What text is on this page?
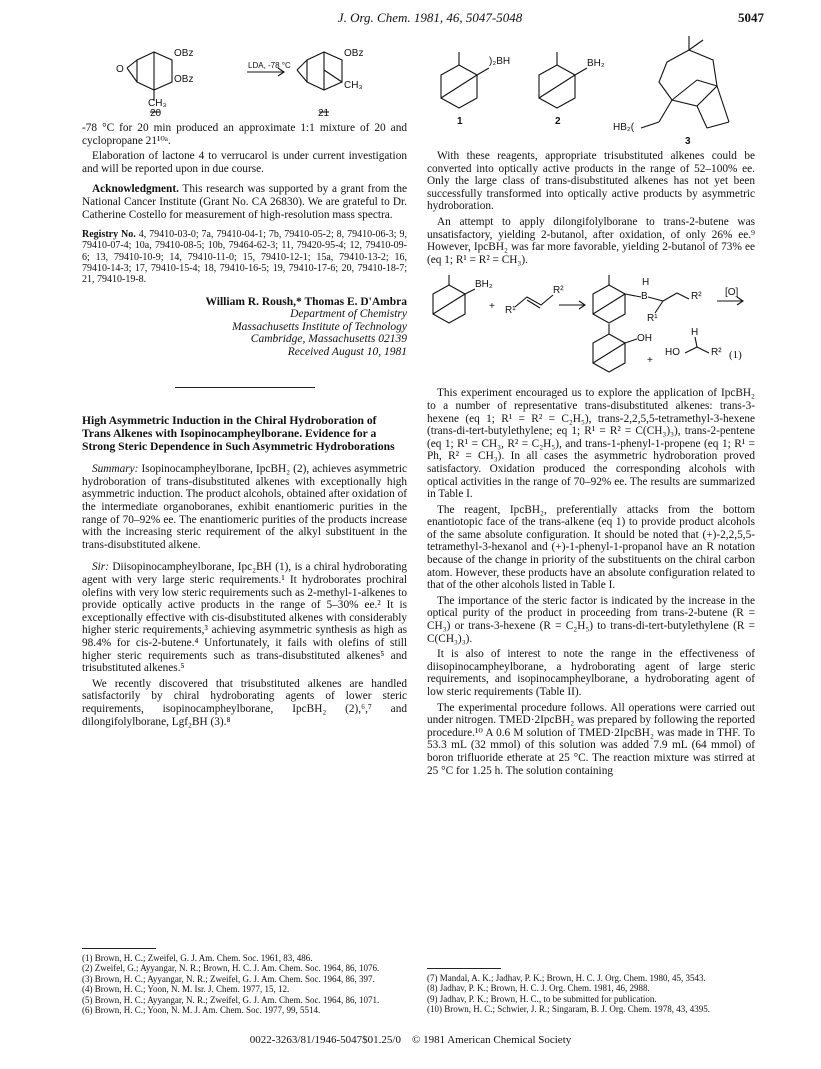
J. Org. Chem. 1981, 46, 5047-5048	5047
OBz
OBz
OBz
CH₃
CH₃
O	LDA, -78 °C
20	21

-78 °C for 20 min produced an approximate 1:1 mixture of 20 and cyclopropane 21¹⁰ᵃ.

Elaboration of lactone 4 to verrucarol is under current investigation and will be reported upon in due course.

Acknowledgment. This research was supported by a grant from the National Cancer Institute (Grant No. CA 26830). We are grateful to Dr. Catherine Costello for measurement of high-resolution mass spectra.

Registry No. 4, 79410-03-0; 7a, 79410-04-1; 7b, 79410-05-2; 8, 79410-06-3; 9, 79410-07-4; 10a, 79410-08-5; 10b, 79464-62-3; 11, 79420-95-4; 12, 79410-09-6; 13, 79410-10-9; 14, 79410-11-0; 15, 79410-12-1; 15a, 79410-13-2; 16, 79410-14-3; 17, 79410-15-4; 18, 79410-16-5; 19, 79410-17-6; 20, 79410-18-7; 21, 79410-19-8.

William R. Roush,* Thomas E. D'Ambra
Department of Chemistry
Massachusetts Institute of Technology
Cambridge, Massachusetts 02139
Received August 10, 1981
High Asymmetric Induction in the Chiral Hydroboration of Trans Alkenes with Isopinocampheylborane. Evidence for a Strong Steric Dependence in Such Asymmetric Hydroborations

Summary: Isopinocampheylborane, IpcBH₂ (2), achieves asymmetric hydroboration of trans-disubstituted alkenes with exceptionally high asymmetric induction. The product alcohols, obtained after oxidation of the intermediate organoboranes, exhibit enantiomeric purities in the range of 70–92% ee. The enantiomeric purities of the products increase with the increasing steric requirement of the alkyl substituent in the trans-disubstituted alkene.

Sir: Diisopinocampheylborane, Ipc₂BH (1), is a chiral hydroborating agent with very large steric requirements.¹ It hydroborates prochiral olefins with very low steric requirements such as 2-methyl-1-alkenes to provide optically active products in the range of 5–30% ee.² It is exceptionally effective with cis-disubstituted alkenes with considerably higher steric requirements,³ achieving asymmetric synthesis as high as 98.4% for cis-2-butene.⁴ Unfortunately, it fails with olefins of still higher steric requirements such as trans-disubstituted alkenes⁵ and trisubstituted alkenes.⁵

We recently discovered that trisubstituted alkenes are handled satisfactorily by chiral hydroborating agents of lower steric requirements, isopinocampheylborane, IpcBH₂ (2),⁶,⁷ and dilongifolylborane, Lgf₂BH (3).⁸

(1) Brown, H. C.; Zweifel, G. J. Am. Chem. Soc. 1961, 83, 486.
(2) Zweifel, G.; Ayyangar, N. R.; Brown, H. C. J. Am. Chem. Soc. 1964, 86, 1076.
(3) Brown, H. C.; Ayyangar, N. R.; Zweifel, G. J. Am. Chem. Soc. 1964, 86, 397.
(4) Brown, H. C.; Yoon, N. M. Isr. J. Chem. 1977, 15, 12.
(5) Brown, H. C.; Ayyangar, N. R.; Zweifel, G. J. Am. Chem. Soc. 1964, 86, 1071.
(6) Brown, H. C.; Yoon, N. M. J. Am. Chem. Soc. 1977, 99, 5514.
)₂BH	BH₂
HB₂(
1	2
3

With these reagents, appropriate trisubstituted alkenes could be converted into optically active products in the range of 52–100% ee. Only the large class of trans-disubstituted alkenes has not yet been successfully transformed into optically active products by asymmetric hydroboration.

An attempt to apply dilongifolylborane to trans-2-butene was unsatisfactory, yielding 2-butanol, after oxidation, of only 26% ee.⁹ However, IpcBH₂ was far more favorable, yielding 2-butanol of 73% ee (eq 1; R¹ = R² = CH₃).

BH₂
+ R¹
R²
B
H
R¹
R² [O]
OH
+
HO
H
R² (1)

This experiment encouraged us to explore the application of IpcBH₂ to a number of representative trans-disubstituted alkenes: trans-3-hexene (eq 1; R¹ = R² = C₂H₅), trans-2,2,5,5-tetramethyl-3-hexene (trans-di-tert-butylethylene; eq 1; R¹ = R² = C(CH₃)₃), trans-2-pentene (eq 1; R¹ = CH₃, R² = C₂H₅), and trans-1-phenyl-1-propene (eq 1; R¹ = Ph, R² = CH₃). In all cases the asymmetric hydroboration proved satisfactory. Oxidation produced the corresponding alcohols with optical activities in the range of 70–92% ee. The results are summarized in Table I.

The reagent, IpcBH₂, preferentially attacks from the bottom enantiotopic face of the trans-alkene (eq 1) to provide product alcohols of the same absolute configuration. It should be noted that (+)-2,2,5,5-tetramethyl-3-hexanol and (+)-1-phenyl-1-propanol have an R notation because of the change in priority of the substituents on the chiral carbon atom. However, these products have an absolute configuration related to that of the other alcohols listed in Table I.

The importance of the steric factor is indicated by the increase in the optical purity of the product in proceeding from trans-2-butene (R = CH₃) or trans-3-hexene (R = C₂H₅) to trans-di-tert-butylethylene (R = C(CH₃)₃).

It is also of interest to note the range in the effectiveness of diisopinocampheylborane, a hydroborating agent of large steric requirements, and isopinocampheylborane, a hydroborating agent of low steric requirements (Table II).

The experimental procedure follows. All operations were carried out under nitrogen. TMED·2IpcBH₂ was prepared by following the reported procedure.¹⁰ A 0.6 M solution of TMED·2IpcBH₂ was made in THF. To 53.3 mL (32 mmol) of this solution was added 7.9 mL (64 mmol) of boron trifluoride etherate at 25 °C. The reaction mixture was stirred at 25 °C for 1.25 h. The solution containing

(7) Mandal, A. K.; Jadhav, P. K.; Brown, H. C. J. Org. Chem. 1980, 45, 3543.
(8) Jadhav, P. K.; Brown, H. C. J. Org. Chem. 1981, 46, 2988.
(9) Jadhav, P. K.; Brown, H. C., to be submitted for publication.
(10) Brown, H. C.; Schwier, J. R.; Singaram, B. J. Org. Chem. 1978, 43, 4395.
0022-3263/81/1946-5047$01.25/0 © 1981 American Chemical Society
